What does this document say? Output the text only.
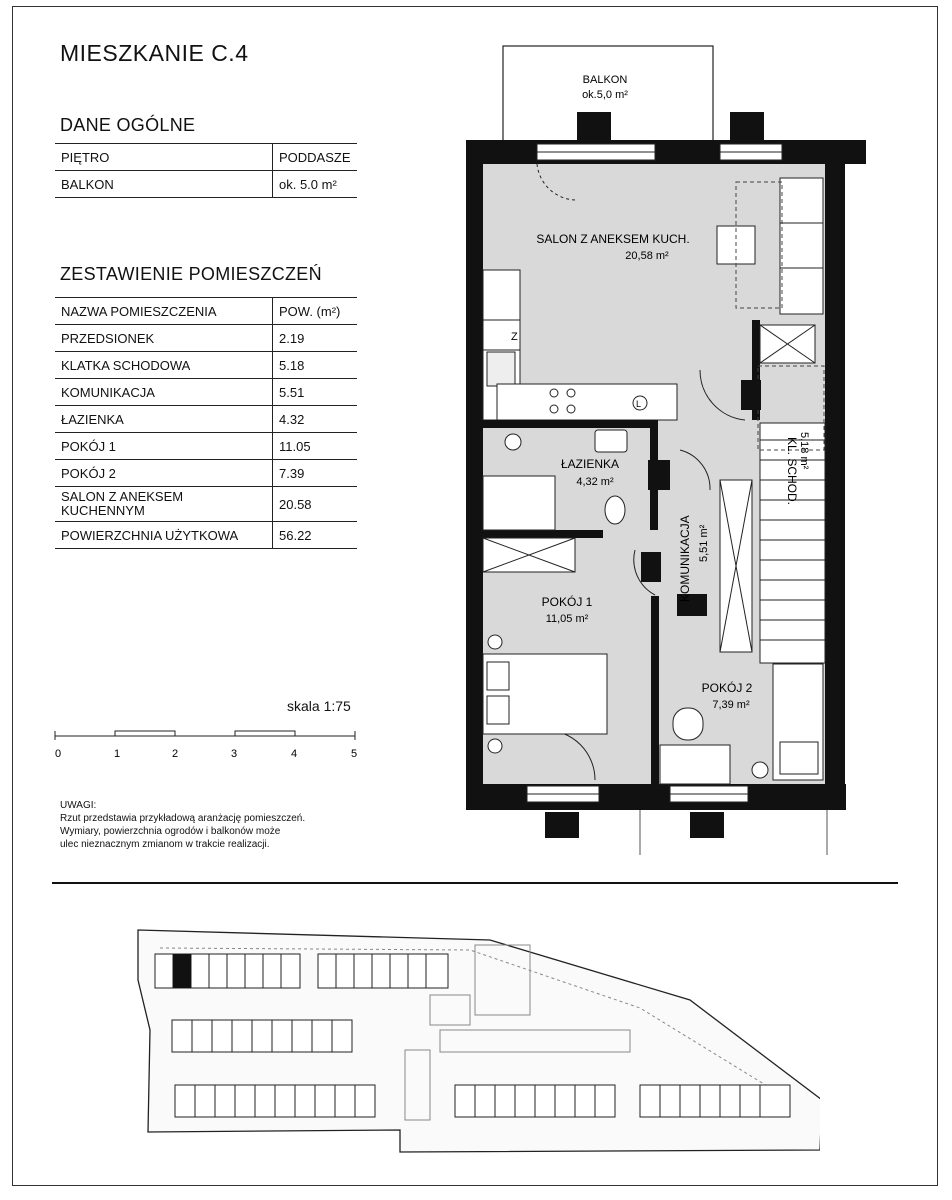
MIESZKANIE C.4
DANE OGÓLNE
PIĘTRO	PODDASZE
BALKON	ok. 5.0 m²
ZESTAWIENIE POMIESZCZEŃ
NAZWA POMIESZCZENIA	POW. (m²)
PRZEDSIONEK	2.19
KLATKA SCHODOWA	5.18
KOMUNIKACJA	5.51
ŁAZIENKA	4.32
POKÓJ 1	11.05
POKÓJ 2	7.39
SALON Z ANEKSEM KUCHENNYM	20.58
POWIERZCHNIA UŻYTKOWA	56.22
skala 1:75
0	1	2	3	4	5
UWAGI:
Rzut przedstawia przykładową aranżację pomieszczeń.
Wymiary, powierzchnia ogrodów i balkonów może
ulec nieznacznym zmianom w trakcie realizacji.
Z
L
BALKON
ok.5,0 m²
SALON Z ANEKSEM KUCH.
20,58 m²
ŁAZIENKA
4,32 m²
KOMUNIKACJA 5,51 m²
KL. SCHOD. 5,18 m²
POKÓJ 1
11,05 m²
POKÓJ 2
7,39 m²
